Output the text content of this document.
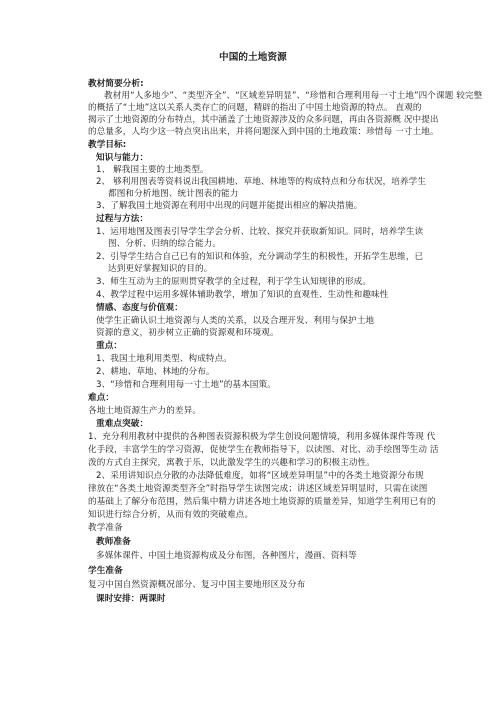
中国的土地资源
教材简要分析:
教材用“人多地少”、“类型齐全”、“区域差异明显”、“珍惜和合理利用每一寸土地”四个课题 较完整
的概括了“土地”这以关系人类存亡的问题，精辟的指出了中国土地资源的特点。 直观的
揭示了土地资源的分布特点，其中涵盖了土地资源涉及的众多问题，再由各资源概 况中提出
的总量多，人均少这一特点突出出来，并将问题深入到中国的土地政策：珍惜每 一寸土地。
教学目标:
知识与能力：
1、 解我国主要的土地类型。
2、 够利用图表等资料说出我国耕地、草地、林地等的构成特点和分布状况，培养学生
都图和分析地图、统计图表的能力
3、了解我国土地资源在利用中出现的问题并能提出相应的解决措施。
过程与方法：
1、运用地图及图表引导学生学会分析、比较、探究并获取新知识。同时，培养学生读
图、分析、归纳的综合能力。
2、引导学生结合自己已有的知识和体验，充分调动学生的积极性，开拓学生思维，已
达到更好掌握知识的目的。
3、师生互动为主的原则贯穿教学的全过程，利于学生认知规律的形成。
4、教学过程中运用多媒体辅助教学，增加了知识的直观性、生动性和趣味性
情感、态度与价值观：
使学生正确认识土地资源与人类的关系，以及合理开发、利用与保护土地
资源的意义，初步树立正确的资源观和环境观。
重点：
1、我国土地利用类型、构成特点。
2、耕地、草地、林地的分布。
3、“珍惜和合理利用每一寸土地”的基本国策。
难点：
各地土地资源生产力的差异。
重难点突破：
1、充分利用教材中提供的各种图表资源积极为学生创设问题情境，利用多媒体课件等现 代
化手段，丰富学生的学习资源，促使学生在教师指导下，以读图、对比、动手绘图等生动 活
泼的方式自主探究，寓教于乐，以此激发学生的兴趣和学习的积极主动性。
2、采用讲知识点分散的办法降低难度，如将“区域差异明显”中的各类土地资源分布规
律放在“各类土地资源类型齐全”时指导学生读图完成；讲述区域差异明显时，只需在读图
的基础上了解分布范围，然后集中精力讲述各地土地资源的质量差异，知道学生利用已有的
知识进行综合分析，从而有效的突破难点。
教学准备
教师准备
多媒体课件、中国土地资源构成及分布图，各种图片，漫画、资料等
学生准备
复习中国自然资源概况部分、复习中国主要地形区及分布
课时安排：两课时
